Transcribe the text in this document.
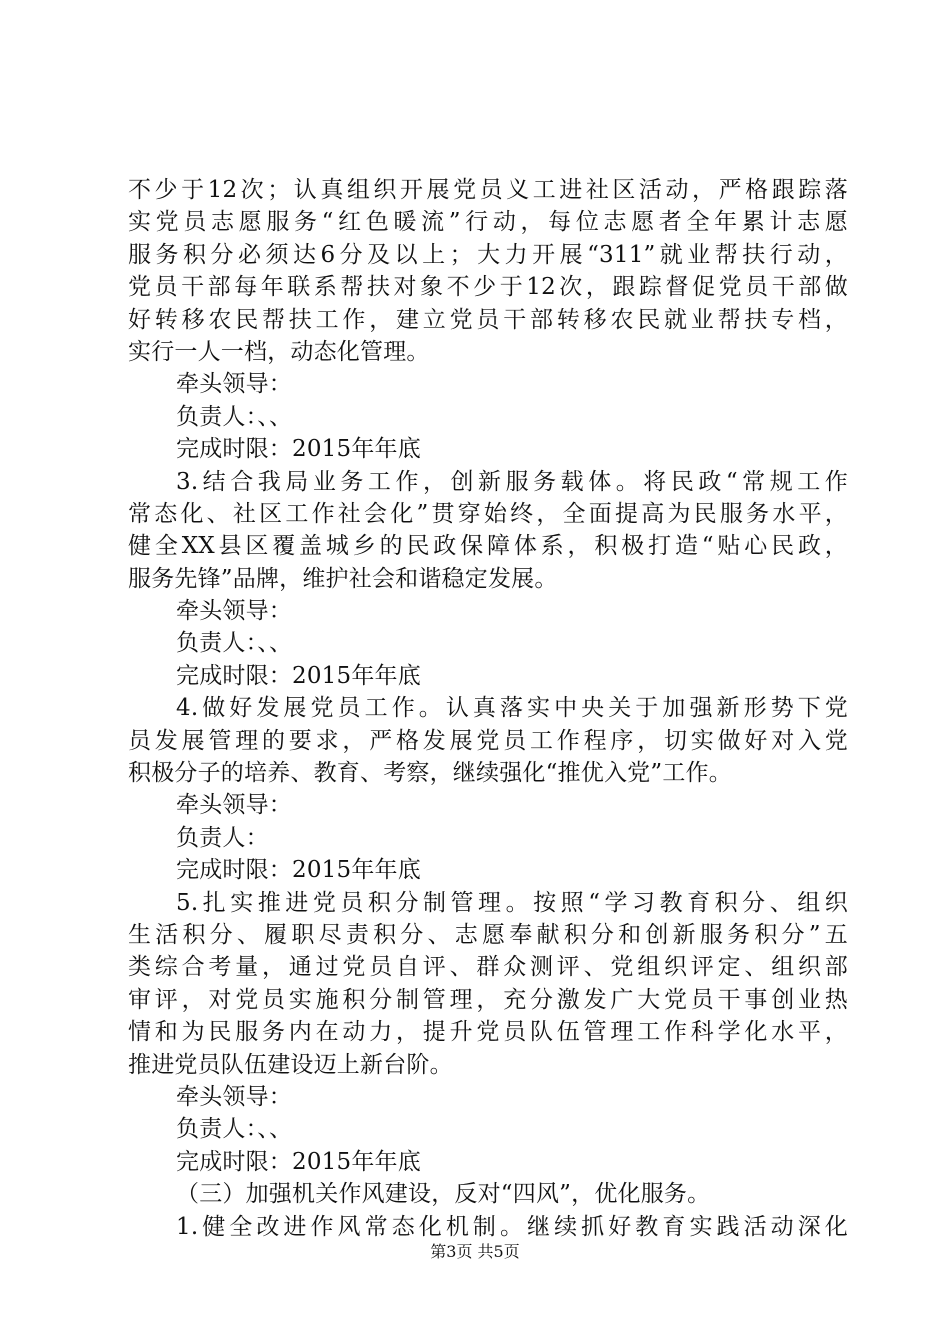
不少于12次；认真组织开展党员义工进社区活动，严格跟踪落
实党员志愿服务“红色暖流”行动，每位志愿者全年累计志愿
服务积分必须达6分及以上；大力开展“311”就业帮扶行动，
党员干部每年联系帮扶对象不少于12次，跟踪督促党员干部做
好转移农民帮扶工作，建立党员干部转移农民就业帮扶专档，
实行一人一档，动态化管理。
牵头领导：
负责人：、、
完成时限：2015年年底
3.结合我局业务工作，创新服务载体。将民政“常规工作
常态化、社区工作社会化”贯穿始终，全面提高为民服务水平，
健全XX县区覆盖城乡的民政保障体系，积极打造“贴心民政，
服务先锋”品牌，维护社会和谐稳定发展。
牵头领导：
负责人：、、
完成时限：2015年年底
4.做好发展党员工作。认真落实中央关于加强新形势下党
员发展管理的要求，严格发展党员工作程序，切实做好对入党
积极分子的培养、教育、考察，继续强化“推优入党”工作。
牵头领导：
负责人：
完成时限：2015年年底
5.扎实推进党员积分制管理。按照“学习教育积分、组织
生活积分、履职尽责积分、志愿奉献积分和创新服务积分”五
类综合考量，通过党员自评、群众测评、党组织评定、组织部
审评，对党员实施积分制管理，充分激发广大党员干事创业热
情和为民服务内在动力，提升党员队伍管理工作科学化水平，
推进党员队伍建设迈上新台阶。
牵头领导：
负责人：、、
完成时限：2015年年底
（三）加强机关作风建设，反对“四风”，优化服务。
1.健全改进作风常态化机制。继续抓好教育实践活动深化
第3页 共5页
